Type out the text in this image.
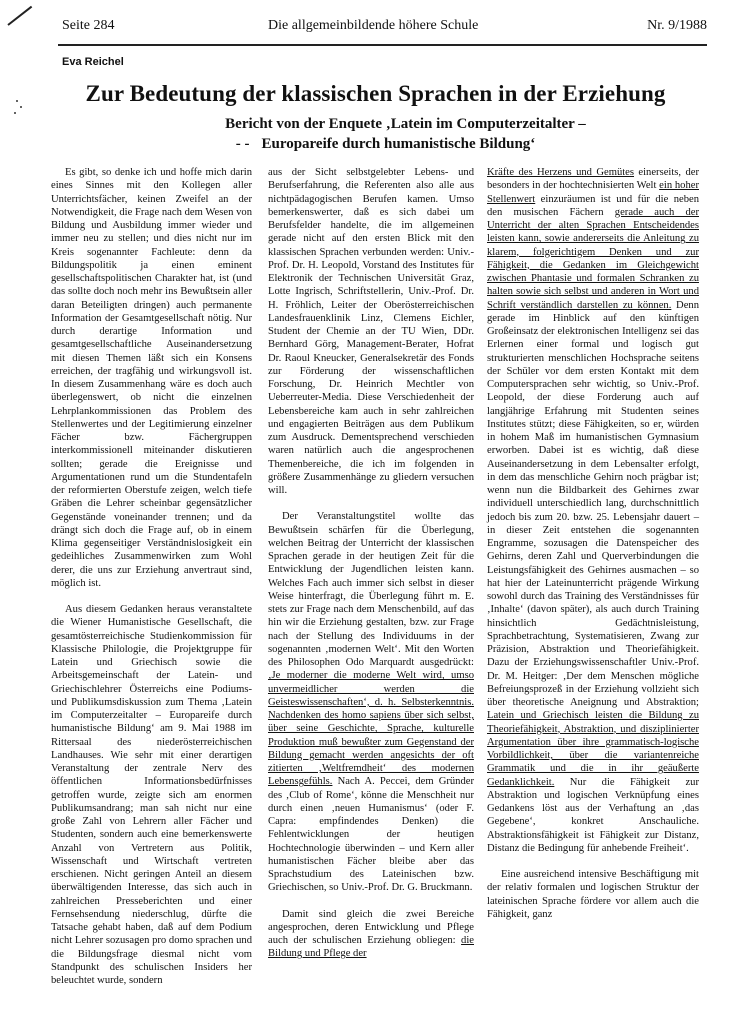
Seite 284	Die allgemeinbildende höhere Schule	Nr. 9/1988
Eva Reichel
Zur Bedeutung der klassischen Sprachen in der Erziehung
Bericht von der Enquete ‚Latein im Computerzeitalter –
- - Europareife durch humanistische Bildung‘

Es gibt, so denke ich und hoffe mich darin eines Sinnes mit den Kollegen aller Unterrichtsfächer, keinen Zweifel an der Notwendigkeit, die Frage nach dem Wesen von Bildung und Ausbildung immer wieder und immer neu zu stellen; und dies nicht nur im Kreis sogenannter Fachleute: denn da Bildungspolitik ja einen eminent gesellschaftspolitischen Charakter hat, ist (und das sollte doch noch mehr ins Bewußtsein aller daran Beteiligten dringen) auch permanente Information der Gesamtgesellschaft nötig. Nur durch derartige Information und gesamtgesellschaftliche Auseinandersetzung mit diesen Themen läßt sich ein Konsens erreichen, der tragfähig und wirkungsvoll ist. In diesem Zusammenhang wäre es doch auch überlegenswert, ob nicht die einzelnen Lehrplankommissionen das Problem des Stellenwertes und der Legitimierung einzelner Fächer bzw. Fächergruppen interkommissionell miteinander diskutieren sollten; gerade die Ereignisse und Argumentationen rund um die Stundentafeln der reformierten Oberstufe zeigen, welch tiefe Gräben die Lehrer scheinbar gegensätzlicher Gegenstände voneinander trennen; und da drängt sich doch die Frage auf, ob in einem Klima gegenseitiger Verständnislosigkeit ein gedeihliches Zusammenwirken zum Wohl derer, die uns zur Erziehung anvertraut sind, möglich ist.

Aus diesem Gedanken heraus veranstaltete die Wiener Humanistische Gesellschaft, die gesamtösterreichische Studienkommission für Klassische Philologie, die Projektgruppe für Latein und Griechisch sowie die Arbeitsgemeinschaft der Latein- und Griechischlehrer Österreichs eine Podiums- und Publikumsdiskussion zum Thema ‚Latein im Computerzeitalter – Europareife durch humanistische Bildung‘ am 9. Mai 1988 im Rittersaal des niederösterreichischen Landhauses. Wie sehr mit einer derartigen Veranstaltung der zentrale Nerv des öffentlichen Informationsbedürfnisses getroffen wurde, zeigte sich am enormen Publikumsandrang; man sah nicht nur eine große Zahl von Lehrern aller Fächer und Studenten, sondern auch eine bemerkenswerte Anzahl von Vertretern aus Politik, Wissenschaft und Wirtschaft vertreten erschienen. Nicht geringen Anteil an diesem überwältigenden Interesse, das sich auch in zahlreichen Presseberichten und einer Fernsehsendung niederschlug, dürfte die Tatsache gehabt haben, daß auf dem Podium nicht Lehrer sozusagen pro domo sprachen und die Bildungsfrage diesmal nicht vom Standpunkt des schulischen Insiders her beleuchtet wurde, sondern

aus der Sicht selbstgelebter Lebens- und Berufserfahrung, die Referenten also alle aus nichtpädagogischen Berufen kamen. Umso bemerkenswerter, daß es sich dabei um Berufsfelder handelte, die im allgemeinen gerade nicht auf den ersten Blick mit den klassischen Sprachen verbunden werden: Univ.-Prof. Dr. H. Leopold, Vorstand des Institutes für Elektronik der Technischen Universität Graz, Lotte Ingrisch, Schriftstellerin, Univ.-Prof. Dr. H. Fröhlich, Leiter der Oberösterreichischen Landesfrauenklinik Linz, Clemens Eichler, Student der Chemie an der TU Wien, DDr. Bernhard Görg, Management-Berater, Hofrat Dr. Raoul Kneucker, Generalsekretär des Fonds zur Förderung der wissenschaftlichen Forschung, Dr. Heinrich Mechtler von Ueberreuter-Media. Diese Verschiedenheit der Lebensbereiche kam auch in sehr zahlreichen und engagierten Beiträgen aus dem Publikum zum Ausdruck. Dementsprechend verschieden waren natürlich auch die angesprochenen Themenbereiche, die ich im folgenden in größere Zusammenhänge zu gliedern versuchen will.

Der Veranstaltungstitel wollte das Bewußtsein schärfen für die Überlegung, welchen Beitrag der Unterricht der klassischen Sprachen gerade in der heutigen Zeit für die Entwicklung der Jugendlichen leisten kann. Welches Fach auch immer sich selbst in dieser Weise hinterfragt, die Überlegung führt m. E. stets zur Frage nach dem Menschenbild, auf das hin wir die Erziehung gestalten, bzw. zur Frage nach der Stellung des Individuums in der sogenannten ‚modernen Welt‘. Mit den Worten des Philosophen Odo Marquardt ausgedrückt: ‚Je moderner die moderne Welt wird, umso unvermeidlicher werden die Geisteswissenschaften‘, d. h. Selbsterkenntnis. Nachdenken des homo sapiens über sich selbst, über seine Geschichte, Sprache, kulturelle Produktion muß bewußter zum Gegenstand der Bildung gemacht werden angesichts der oft zitierten ‚Weltfremdheit‘ des modernen Lebensgefühls. Nach A. Peccei, dem Gründer des ‚Club of Rome‘, könne die Menschheit nur durch einen ‚neuen Humanismus‘ (oder F. Capra: empfindendes Denken) die Fehlentwicklungen der heutigen Hochtechnologie überwinden – und Kern aller humanistischen Fächer bleibe aber das Sprachstudium des Lateinischen bzw. Griechischen, so Univ.-Prof. Dr. G. Bruckmann.

Damit sind gleich die zwei Bereiche angesprochen, deren Entwicklung und Pflege auch der schulischen Erziehung obliegen: die Bildung und Pflege der

Kräfte des Herzens und Gemütes einerseits, der besonders in der hochtechnisierten Welt ein hoher Stellenwert einzuräumen ist und für die neben den musischen Fächern gerade auch der Unterricht der alten Sprachen Entscheidendes leisten kann, sowie andererseits die Anleitung zu klarem, folgerichtigem Denken und zur Fähigkeit, die Gedanken im Gleichgewicht zwischen Phantasie und formalen Schranken zu halten sowie sich selbst und anderen in Wort und Schrift verständlich darstellen zu können. Denn gerade im Hinblick auf den künftigen Großeinsatz der elektronischen Intelligenz sei das Erlernen einer formal und logisch gut strukturierten menschlichen Hochsprache seitens der Schüler vor dem ersten Kontakt mit dem Computersprachen sehr wichtig, so Univ.-Prof. Leopold, der diese Forderung auch auf langjährige Erfahrung mit Studenten seines Institutes stützt; diese Fähigkeiten, so er, würden in hohem Maß im humanistischen Gymnasium erworben. Dabei ist es wichtig, daß diese Auseinandersetzung in dem Lebensalter erfolgt, in dem das menschliche Gehirn noch prägbar ist; wenn nun die Bildbarkeit des Gehirnes zwar individuell unterschiedlich lang, durchschnittlich jedoch bis zum 20. bzw. 25. Lebensjahr dauert – in dieser Zeit entstehen die sogenannten Engramme, sozusagen die Datenspeicher des Gehirns, deren Zahl und Querverbindungen die Leistungsfähigkeit des Gehirnes ausmachen – so hat hier der Lateinunterricht prägende Wirkung sowohl durch das Training des Verständnisses für ‚Inhalte‘ (davon später), als auch durch Training hinsichtlich Gedächtnisleistung, Sprachbetrachtung, Systematisieren, Zwang zur Präzision, Abstraktion und Theoriefähigkeit. Dazu der Erziehungswissenschaftler Univ.-Prof. Dr. M. Heitger: ‚Der dem Menschen mögliche Befreiungsprozeß in der Erziehung vollzieht sich über theoretische Aneignung und Abstraktion; Latein und Griechisch leisten die Bildung zu Theoriefähigkeit, Abstraktion, und disziplinierter Argumentation über ihre grammatisch-logische Vorbildlichkeit, über die variantenreiche Grammatik und die in ihr geäußerte Gedanklichkeit. Nur die Fähigkeit zur Abstraktion und logischen Verknüpfung eines Gedankens löst aus der Verhaftung an ‚das Gegebene‘, konkret Anschauliche. Abstraktionsfähigkeit ist Fähigkeit zur Distanz, Distanz die Bedingung für anhebende Freiheit‘.

Eine ausreichend intensive Beschäftigung mit der relativ formalen und logischen Struktur der lateinischen Sprache fördere vor allem auch die Fähigkeit, ganz
